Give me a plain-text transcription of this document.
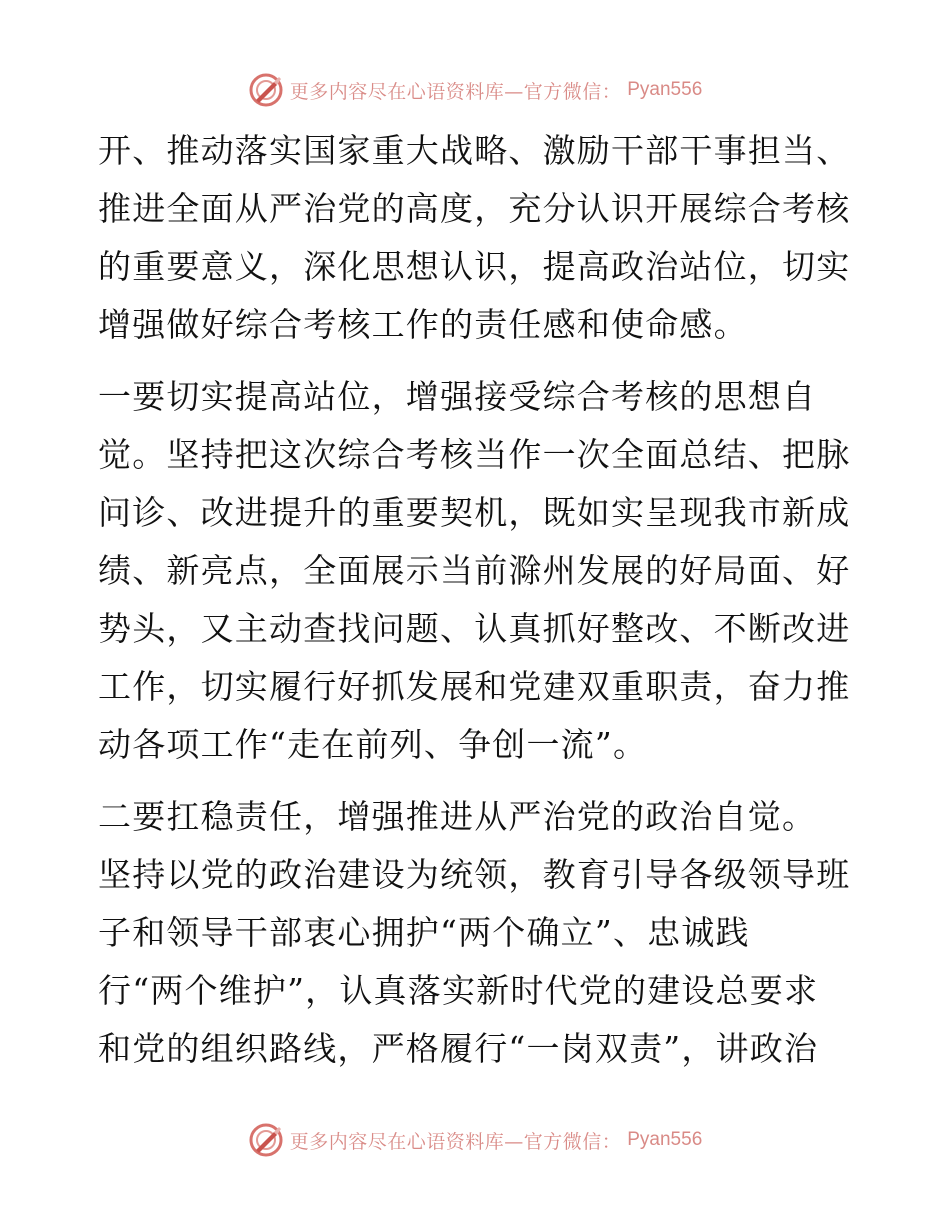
更多内容尽在心语资料库—官方微信： Pyan556
开、推动落实国家重大战略、激励干部干事担当、
推进全面从严治党的高度，充分认识开展综合考核
的重要意义，深化思想认识，提高政治站位，切实
增强做好综合考核工作的责任感和使命感。
一要切实提高站位，增强接受综合考核的思想自
觉。坚持把这次综合考核当作一次全面总结、把脉
问诊、改进提升的重要契机，既如实呈现我市新成
绩、新亮点，全面展示当前滁州发展的好局面、好
势头，又主动查找问题、认真抓好整改、不断改进
工作，切实履行好抓发展和党建双重职责，奋力推
动各项工作“走在前列、争创一流”。
二要扛稳责任，增强推进从严治党的政治自觉。
坚持以党的政治建设为统领，教育引导各级领导班
子和领导干部衷心拥护“两个确立”、忠诚践
行“两个维护”，认真落实新时代党的建设总要求
和党的组织路线，严格履行“一岗双责”，讲政治
更多内容尽在心语资料库—官方微信： Pyan556
